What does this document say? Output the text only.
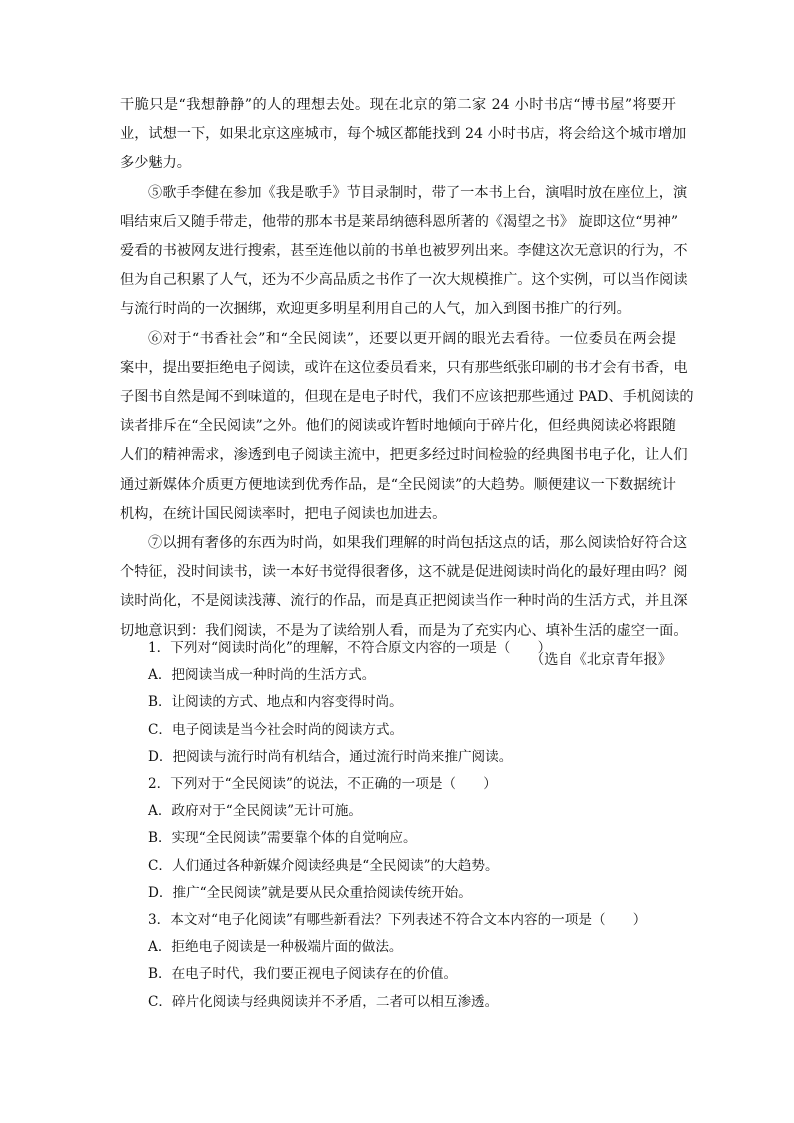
干脆只是“我想静静”的人的理想去处。现在北京的第二家 24 小时书店“博书屋”将要开
业，试想一下，如果北京这座城市，每个城区都能找到 24 小时书店，将会给这个城市增加
多少魅力。

⑤歌手李健在参加《我是歌手》节目录制时，带了一本书上台，演唱时放在座位上，演
唱结束后又随手带走，他带的那本书是莱昂纳德科恩所著的《渴望之书》 旋即这位“男神”
爱看的书被网友进行搜索，甚至连他以前的书单也被罗列出来。李健这次无意识的行为，不
但为自己积累了人气，还为不少高品质之书作了一次大规模推广。这个实例，可以当作阅读
与流行时尚的一次捆绑，欢迎更多明星利用自己的人气，加入到图书推广的行列。

⑥对于“书香社会”和“全民阅读”，还要以更开阔的眼光去看待。一位委员在两会提
案中，提出要拒绝电子阅读，或许在这位委员看来，只有那些纸张印刷的书才会有书香，电
子图书自然是闻不到味道的，但现在是电子时代，我们不应该把那些通过 PAD、手机阅读的
读者排斥在“全民阅读”之外。他们的阅读或许暂时地倾向于碎片化，但经典阅读必将跟随
人们的精神需求，渗透到电子阅读主流中，把更多经过时间检验的经典图书电子化，让人们
通过新媒体介质更方便地读到优秀作品，是“全民阅读”的大趋势。顺便建议一下数据统计
机构，在统计国民阅读率时，把电子阅读也加进去。

⑦以拥有奢侈的东西为时尚，如果我们理解的时尚包括这点的话，那么阅读恰好符合这
个特征，没时间读书，读一本好书觉得很奢侈，这不就是促进阅读时尚化的最好理由吗？阅
读时尚化，不是阅读浅薄、流行的作品，而是真正把阅读当作一种时尚的生活方式，并且深
切地意识到：我们阅读，不是为了读给别人看，而是为了充实内心、填补生活的虚空一面。

（选自《北京青年报》
1．下列对“阅读时尚化”的理解，不符合原文内容的一项是（　　）
A．把阅读当成一种时尚的生活方式。
B．让阅读的方式、地点和内容变得时尚。
C．电子阅读是当今社会时尚的阅读方式。
D．把阅读与流行时尚有机结合，通过流行时尚来推广阅读。
2．下列对于“全民阅读”的说法，不正确的一项是（　　）
A．政府对于“全民阅读”无计可施。
B．实现“全民阅读”需要靠个体的自觉响应。
C．人们通过各种新媒介阅读经典是“全民阅读”的大趋势。
D．推广“全民阅读”就是要从民众重拾阅读传统开始。
3．本文对“电子化阅读”有哪些新看法？下列表述不符合文本内容的一项是（　　）
A．拒绝电子阅读是一种极端片面的做法。
B．在电子时代，我们要正视电子阅读存在的价值。
C．碎片化阅读与经典阅读并不矛盾，二者可以相互渗透。
